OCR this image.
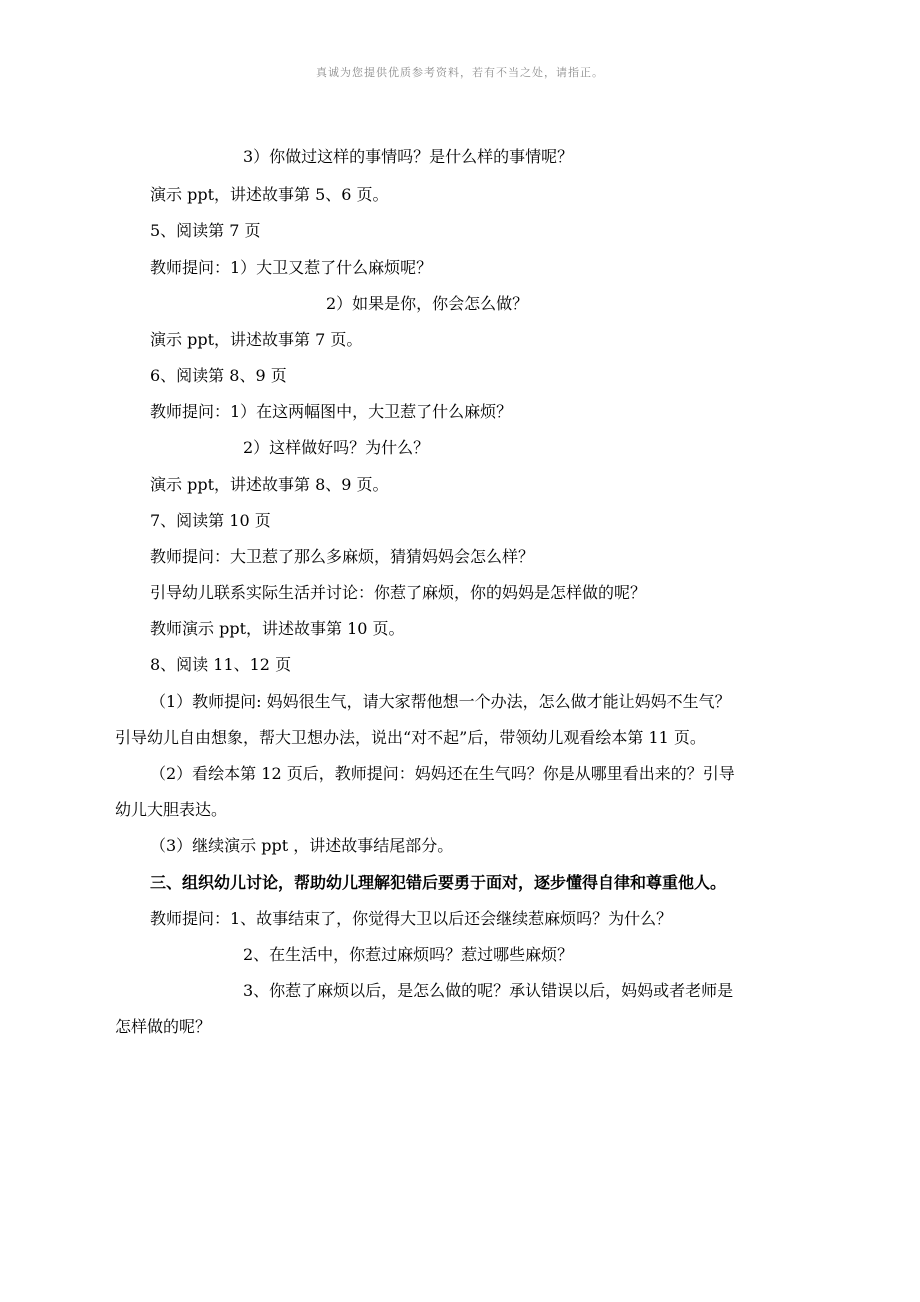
真诚为您提供优质参考资料，若有不当之处，请指正。
3）你做过这样的事情吗？是什么样的事情呢？
演示 ppt，讲述故事第 5、6 页。
5、阅读第 7 页
教师提问：1）大卫又惹了什么麻烦呢？
2）如果是你，你会怎么做？
演示 ppt，讲述故事第 7 页。
6、阅读第 8、9 页
教师提问：1）在这两幅图中，大卫惹了什么麻烦？
2）这样做好吗？为什么？
演示 ppt，讲述故事第 8、9 页。
7、阅读第 10 页
教师提问：大卫惹了那么多麻烦，猜猜妈妈会怎么样？
引导幼儿联系实际生活并讨论：你惹了麻烦，你的妈妈是怎样做的呢？
教师演示 ppt，讲述故事第 10 页。
8、阅读 11、12 页
（1）教师提问: 妈妈很生气，请大家帮他想一个办法，怎么做才能让妈妈不生气？
引导幼儿自由想象，帮大卫想办法，说出“对不起”后，带领幼儿观看绘本第 11 页。
（2）看绘本第 12 页后，教师提问：妈妈还在生气吗？你是从哪里看出来的？引导
幼儿大胆表达。
（3）继续演示 ppt ，讲述故事结尾部分。
三、组织幼儿讨论，帮助幼儿理解犯错后要勇于面对，逐步懂得自律和尊重他人。
教师提问：1、故事结束了，你觉得大卫以后还会继续惹麻烦吗？为什么？
2、在生活中，你惹过麻烦吗？惹过哪些麻烦？
3、你惹了麻烦以后，是怎么做的呢？承认错误以后，妈妈或者老师是
怎样做的呢？
